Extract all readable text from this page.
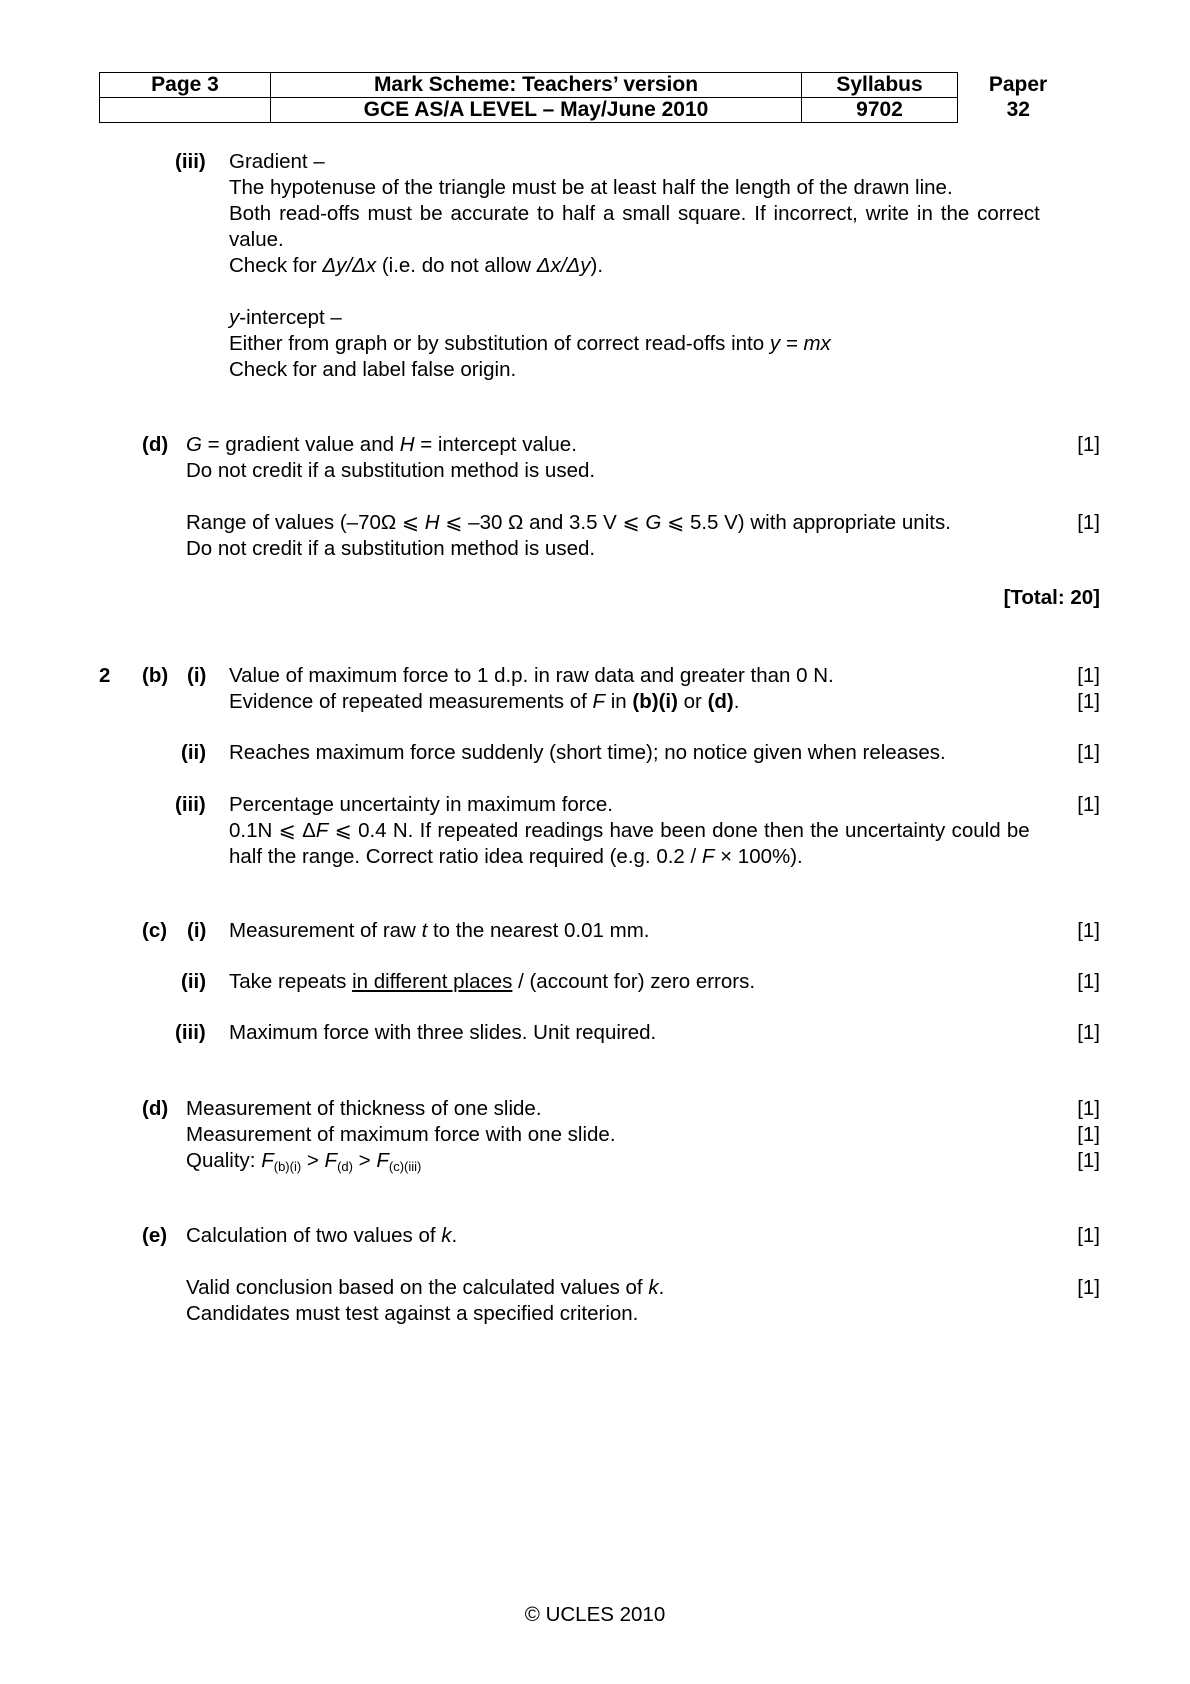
Page 3	Mark Scheme: Teachers’ version	Syllabus	Paper
	GCE AS/A LEVEL – May/June 2010	9702	32
(iii) Gradient –
The hypotenuse of the triangle must be at least half the length of the drawn line.
Both read-offs must be accurate to half a small square. If incorrect, write in the correct
value.
Check for Δy/Δx (i.e. do not allow Δx/Δy).
y-intercept –
Either from graph or by substitution of correct read-offs into y = mx
Check for and label false origin.
(d) G = gradient value and H = intercept value.	[1]
Do not credit if a substitution method is used.
Range of values (–70Ω ⩽ H ⩽ –30 Ω and 3.5 V ⩽ G ⩽ 5.5 V) with appropriate units.	[1]
Do not credit if a substitution method is used.
[Total: 20]
2 (b) (i) Value of maximum force to 1 d.p. in raw data and greater than 0 N.	[1]
Evidence of repeated measurements of F in (b)(i) or (d).	[1]
(ii) Reaches maximum force suddenly (short time); no notice given when releases.	[1]
(iii) Percentage uncertainty in maximum force.	[1]
0.1N ⩽ ΔF ⩽ 0.4 N. If repeated readings have been done then the uncertainty could be
half the range. Correct ratio idea required (e.g. 0.2 / F × 100%).
(c) (i) Measurement of raw t to the nearest 0.01 mm.	[1]
(ii) Take repeats in different places / (account for) zero errors.	[1]
(iii) Maximum force with three slides. Unit required.	[1]
(d) Measurement of thickness of one slide.	[1]
Measurement of maximum force with one slide.	[1]
Quality: $F_{(b)(i)} > F_{(d)} > F_{(c)(iii)}$	[1]
(e) Calculation of two values of k.	[1]
Valid conclusion based on the calculated values of k.	[1]
Candidates must test against a specified criterion.
© UCLES 2010
